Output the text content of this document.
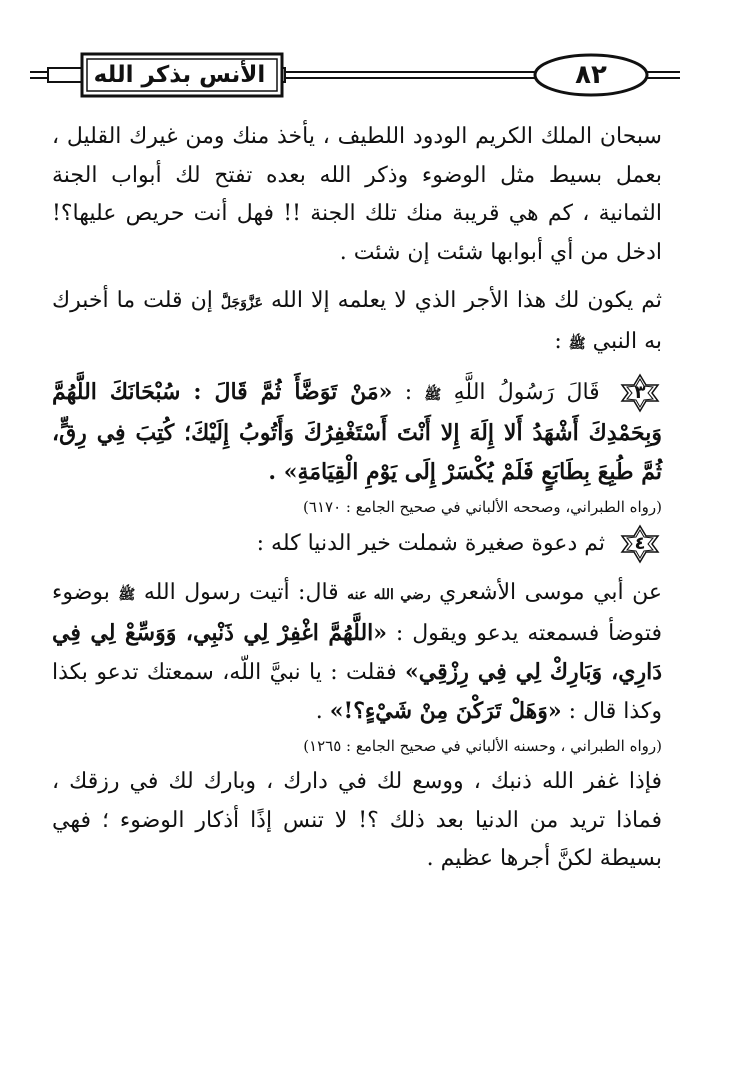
الأنس بذكر الله	٨٢

سبحان الملك الكريم الودود اللطيف ، يأخذ منك ومن غيرك القليل ، بعمل بسيط مثل الوضوء وذكر الله بعده تفتح لك أبواب الجنة الثمانية ، كم هي قريبة منك تلك الجنة !! فهل أنت حريص عليها؟! ادخل من أي أبوابها شئت إن شئت .

ثم يكون لك هذا الأجر الذي لا يعلمه إلا الله عَزَّوَجَلَّ إن قلت ما أخبرك به النبي ﷺ :

٣
قَالَ رَسُولُ اللَّهِ ﷺ : «مَنْ تَوَضَّأَ ثُمَّ قَالَ : سُبْحَانَكَ اللَّهُمَّ وَبِحَمْدِكَ أَشْهَدُ أَلا إِلَهَ إِلا أَنْتَ أَسْتَغْفِرُكَ وَأَتُوبُ إِلَيْكَ؛ كُتِبَ فِي رِقٍّ، ثُمَّ طُبِعَ بِطَابَعٍ فَلَمْ يُكْسَرْ إِلَى يَوْمِ الْقِيَامَةِ» .
(رواه الطبراني، وصححه الألباني في صحيح الجامع : ٦١٧٠)
٤
ثم دعوة صغيرة شملت خير الدنيا كله :
عن أبي موسى الأشعري رضي الله عنه قال: أتيت رسول الله ﷺ بوضوء فتوضأ فسمعته يدعو ويقول : «اللَّهُمَّ اغْفِرْ لِي ذَنْبِي، وَوَسِّعْ لِي فِي دَارِي، وَبَارِكْ لِي فِي رِزْقِي» فقلت : يا نبيَّ اللّه، سمعتك تدعو بكذا وكذا قال : «وَهَلْ تَرَكْنَ مِنْ شَيْءٍ؟!» .
(رواه الطبراني ، وحسنه الألباني في صحيح الجامع : ١٢٦٥)

فإذا غفر الله ذنبك ، ووسع لك في دارك ، وبارك لك في رزقك ، فماذا تريد من الدنيا بعد ذلك ؟! لا تنس إذًا أذكار الوضوء ؛ فهي بسيطة لكنَّ أجرها عظيم .
